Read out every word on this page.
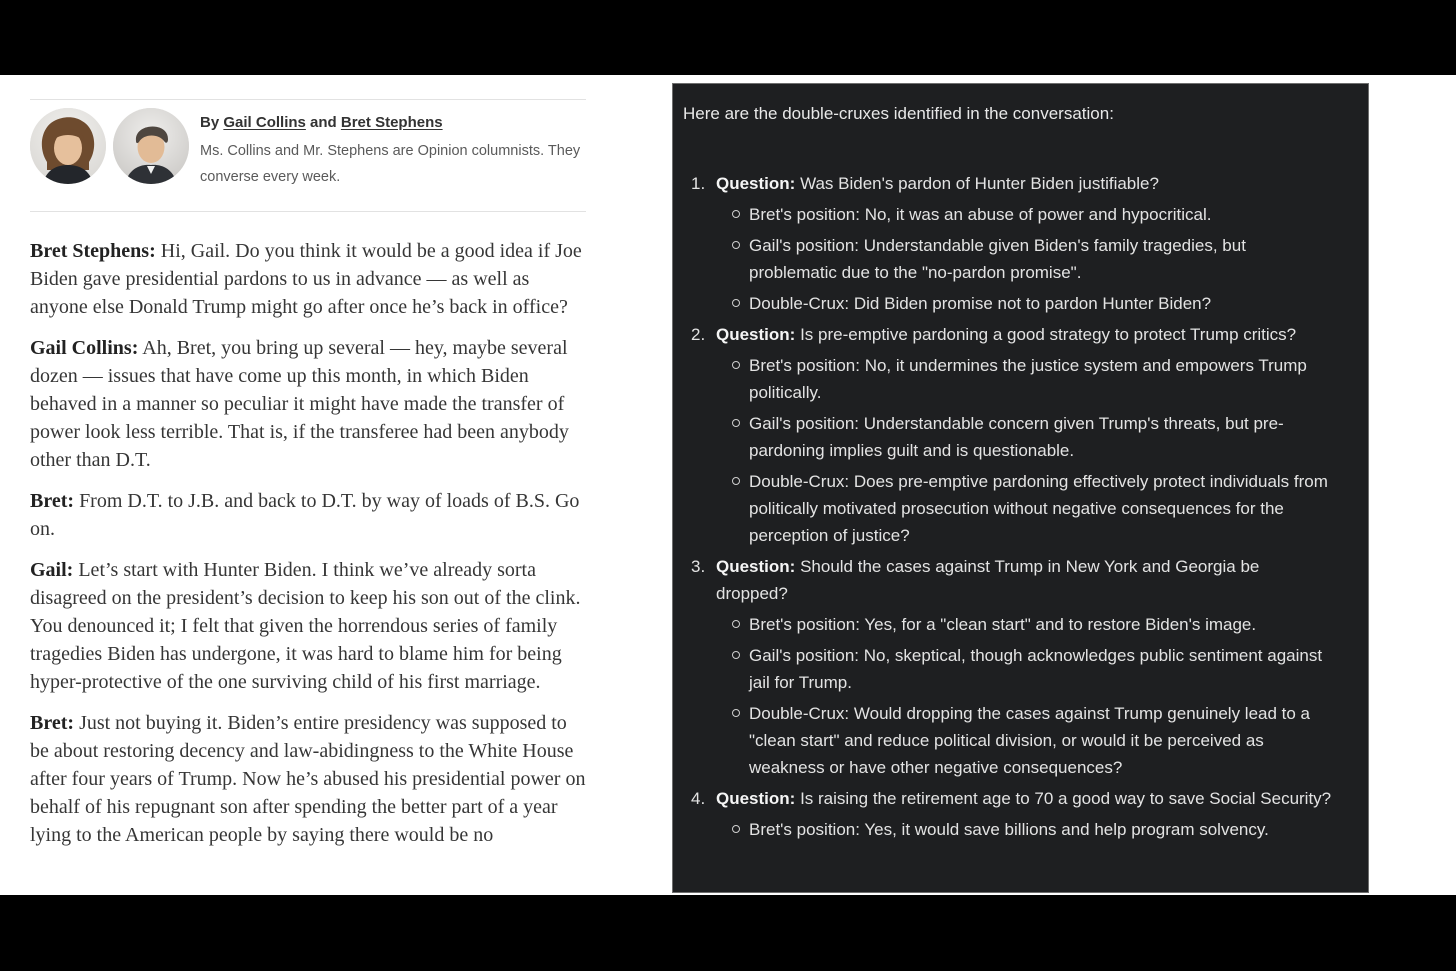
By Gail Collins and Bret Stephens
Ms. Collins and Mr. Stephens are Opinion columnists. They
converse every week.

Bret Stephens: Hi, Gail. Do you think it would be a good idea if Joe Biden gave presidential pardons to us in advance — as well as anyone else Donald Trump might go after once he’s back in office?

Gail Collins: Ah, Bret, you bring up several — hey, maybe several dozen — issues that have come up this month, in which Biden behaved in a manner so peculiar it might have made the transfer of power look less terrible. That is, if the transferee had been anybody other than D.T.

Bret: From D.T. to J.B. and back to D.T. by way of loads of B.S. Go on.

Gail: Let’s start with Hunter Biden. I think we’ve already sorta disagreed on the president’s decision to keep his son out of the clink. You denounced it; I felt that given the horrendous series of family tragedies Biden has undergone, it was hard to blame him for being hyper-protective of the one surviving child of his first marriage.

Bret: Just not buying it. Biden’s entire presidency was supposed to be about restoring decency and law-abidingness to the White House after four years of Trump. Now he’s abused his presidential power on behalf of his repugnant son after spending the better part of a year lying to the American people by saying there would be no

Here are the double-cruxes identified in the conversation:

1. Question: Was Biden's pardon of Hunter Biden justifiable?
Bret's position: No, it was an abuse of power and hypocritical.
Gail's position: Understandable given Biden's family tragedies, but problematic due to the "no-pardon promise".
Double-Crux: Did Biden promise not to pardon Hunter Biden?
2. Question: Is pre-emptive pardoning a good strategy to protect Trump critics?
Bret's position: No, it undermines the justice system and empowers Trump politically.
Gail's position: Understandable concern given Trump's threats, but pre-pardoning implies guilt and is questionable.
Double-Crux: Does pre-emptive pardoning effectively protect individuals from politically motivated prosecution without negative consequences for the perception of justice?
3. Question: Should the cases against Trump in New York and Georgia be dropped?
Bret's position: Yes, for a "clean start" and to restore Biden's image.
Gail's position: No, skeptical, though acknowledges public sentiment against jail for Trump.
Double-Crux: Would dropping the cases against Trump genuinely lead to a "clean start" and reduce political division, or would it be perceived as weakness or have other negative consequences?
4. Question: Is raising the retirement age to 70 a good way to save Social Security?
Bret's position: Yes, it would save billions and help program solvency.
